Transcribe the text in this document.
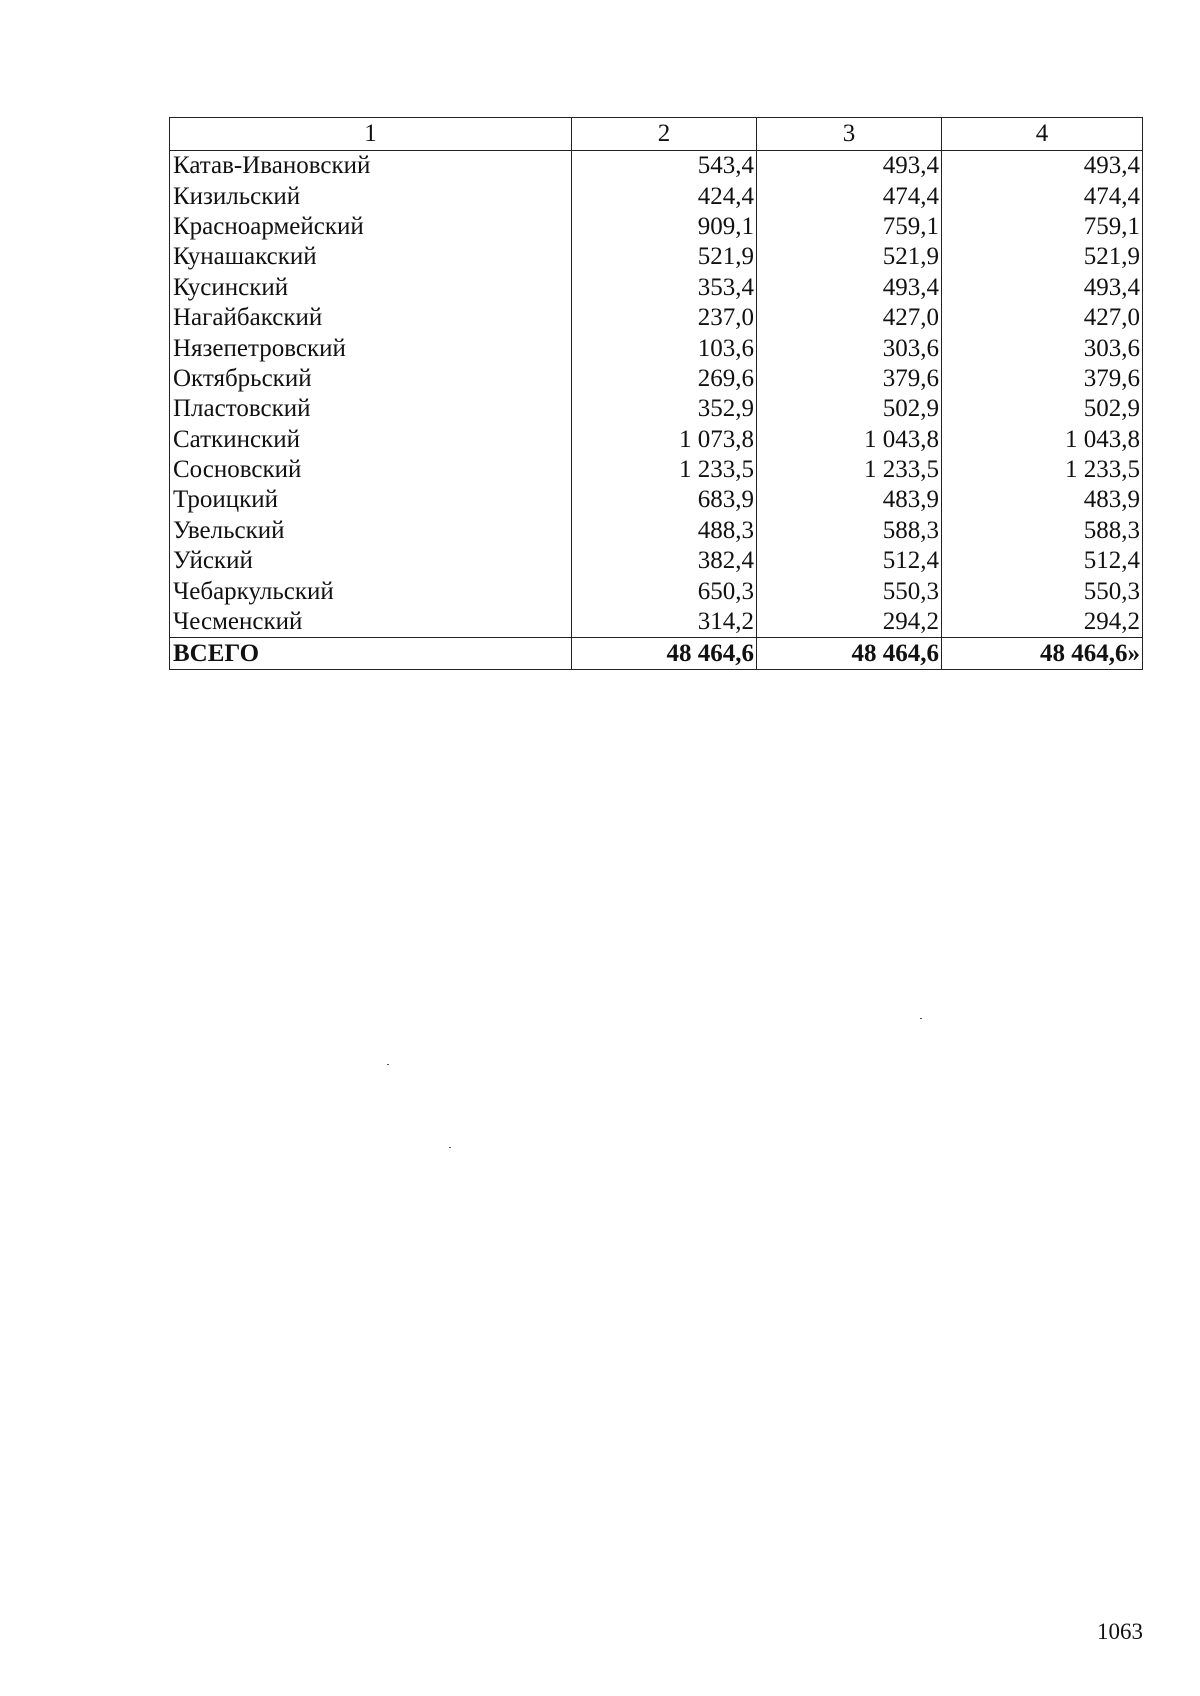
1	2	3	4
Катав-Ивановский	543,4	493,4	493,4
Кизильский	424,4	474,4	474,4
Красноармейский	909,1	759,1	759,1
Кунашакский	521,9	521,9	521,9
Кусинский	353,4	493,4	493,4
Нагайбакский	237,0	427,0	427,0
Нязепетровский	103,6	303,6	303,6
Октябрьский	269,6	379,6	379,6
Пластовский	352,9	502,9	502,9
Саткинский	1 073,8	1 043,8	1 043,8
Сосновский	1 233,5	1 233,5	1 233,5
Троицкий	683,9	483,9	483,9
Увельский	488,3	588,3	588,3
Уйский	382,4	512,4	512,4
Чебаркульский	650,3	550,3	550,3
Чесменский	314,2	294,2	294,2
ВСЕГО	48 464,6	48 464,6	48 464,6»
1063
